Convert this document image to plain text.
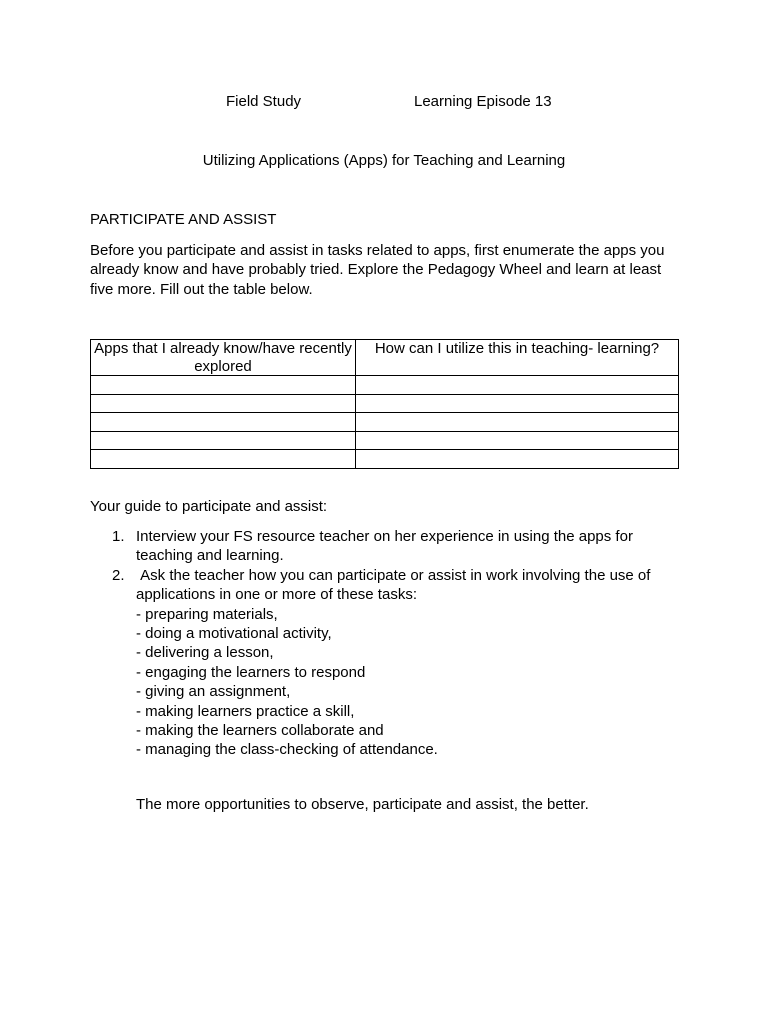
Field Study	Learning Episode 13
Utilizing Applications (Apps) for Teaching and Learning
PARTICIPATE AND ASSIST
Before you participate and assist in tasks related to apps, first enumerate the apps you already know and have probably tried. Explore the Pedagogy Wheel and learn at least five more. Fill out the table below.
Apps that I already know/have recently explored	How can I utilize this in teaching- learning?

Your guide to participate and assist:
1. Interview your FS resource teacher on her experience in using the apps for teaching and learning.
2. Ask the teacher how you can participate or assist in work involving the use of applications in one or more of these tasks:
- preparing materials,
- doing a motivational activity,
- delivering a lesson,
- engaging the learners to respond
- giving an assignment,
- making learners practice a skill,
- making the learners collaborate and
- managing the class-checking of attendance.
The more opportunities to observe, participate and assist, the better.
